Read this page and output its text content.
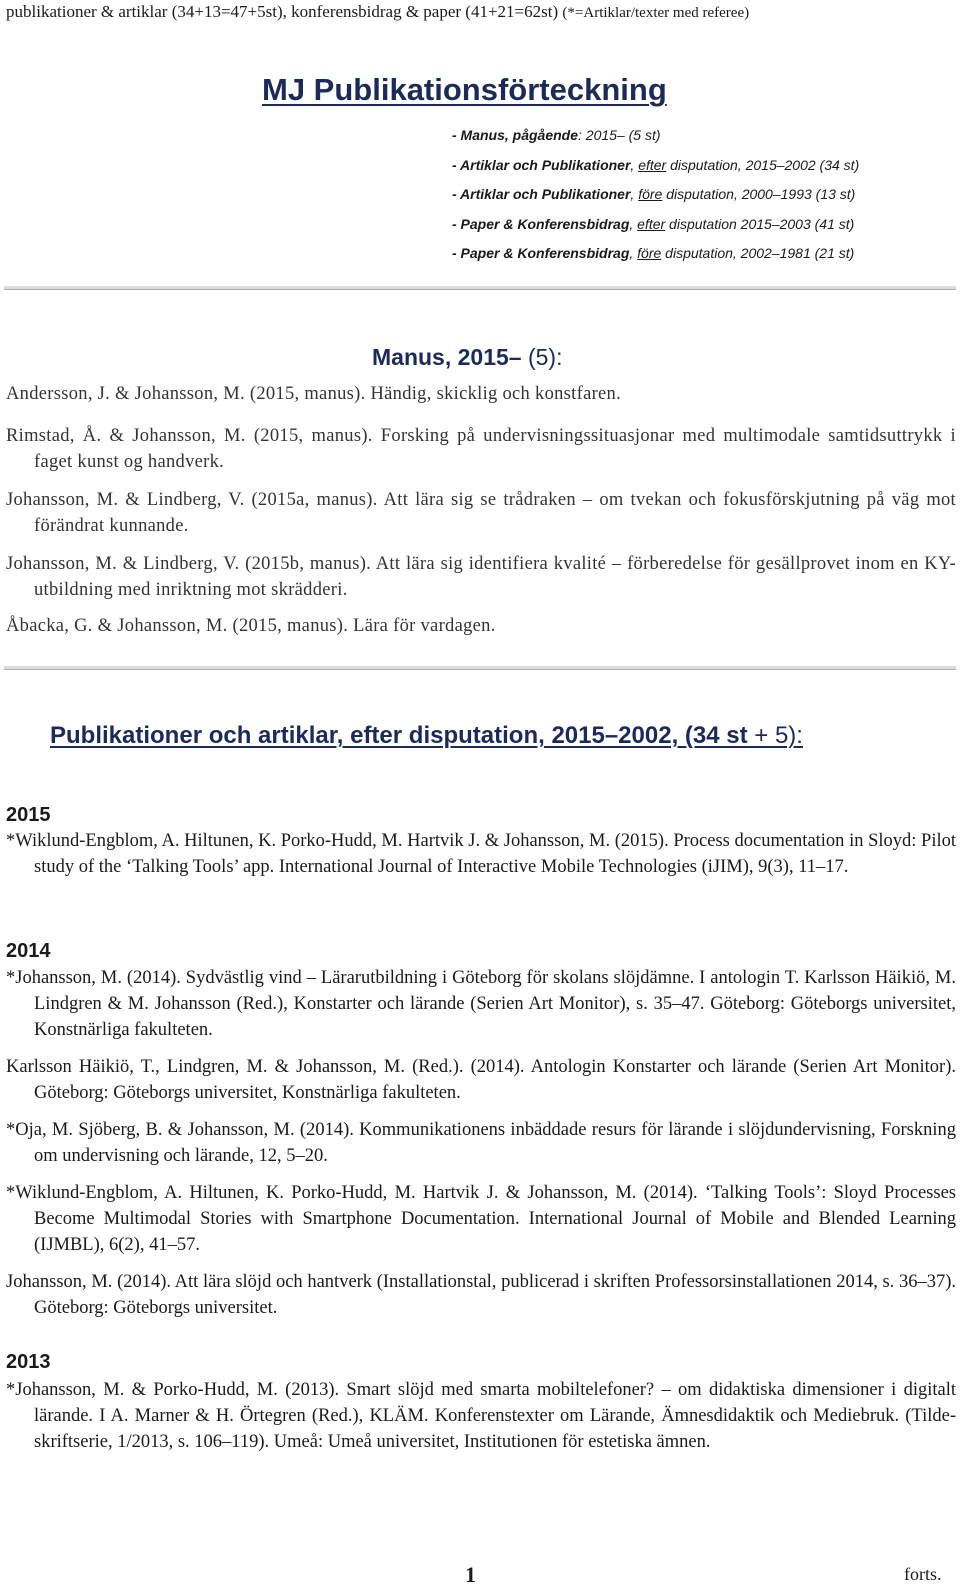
publikationer & artiklar (34+13=47+5st), konferensbidrag & paper (41+21=62st) (*=Artiklar/texter med referee)
MJ Publikationsförteckning
- Manus, pågående: 2015– (5 st)
- Artiklar och Publikationer, efter disputation, 2015–2002 (34 st)
- Artiklar och Publikationer, före disputation, 2000–1993 (13 st)
- Paper & Konferensbidrag, efter disputation 2015–2003 (41 st)
- Paper & Konferensbidrag, före disputation, 2002–1981 (21 st)
Manus, 2015– (5):
Andersson, J. & Johansson, M. (2015, manus). Händig, skicklig och konstfaren.
Rimstad, Å. & Johansson, M. (2015, manus). Forsking på undervisningssituasjonar med multimodale samtidsuttrykk i faget kunst og handverk.
Johansson, M. & Lindberg, V. (2015a, manus). Att lära sig se trådraken – om tvekan och fokusförskjutning på väg mot förändrat kunnande.
Johansson, M. & Lindberg, V. (2015b, manus). Att lära sig identifiera kvalité – förberedelse för gesällprovet inom en KY-utbildning med inriktning mot skrädderi.
Åbacka, G. & Johansson, M. (2015, manus). Lära för vardagen.
Publikationer och artiklar, efter disputation, 2015–2002, (34 st + 5):
2015
*Wiklund-Engblom, A. Hiltunen, K. Porko-Hudd, M. Hartvik J. & Johansson, M. (2015). Process documentation in Sloyd: Pilot study of the ‘Talking Tools’ app. International Journal of Interactive Mobile Technologies (iJIM), 9(3), 11–17.
2014
*Johansson, M. (2014). Sydvästlig vind – Lärarutbildning i Göteborg för skolans slöjdämne. I antologin T. Karlsson Häikiö, M. Lindgren & M. Johansson (Red.), Konstarter och lärande (Serien Art Monitor), s. 35–47. Göteborg: Göteborgs universitet, Konstnärliga fakulteten.
Karlsson Häikiö, T., Lindgren, M. & Johansson, M. (Red.). (2014). Antologin Konstarter och lärande (Serien Art Monitor). Göteborg: Göteborgs universitet, Konstnärliga fakulteten.
*Oja, M. Sjöberg, B. & Johansson, M. (2014). Kommunikationens inbäddade resurs för lärande i slöjdundervisning, Forskning om undervisning och lärande, 12, 5–20.
*Wiklund-Engblom, A. Hiltunen, K. Porko-Hudd, M. Hartvik J. & Johansson, M. (2014). ‘Talking Tools’: Sloyd Processes Become Multimodal Stories with Smartphone Documentation. International Journal of Mobile and Blended Learning (IJMBL), 6(2), 41–57.
Johansson, M. (2014). Att lära slöjd och hantverk (Installationstal, publicerad i skriften Professorsinstallationen 2014, s. 36–37). Göteborg: Göteborgs universitet.
2013
*Johansson, M. & Porko-Hudd, M. (2013). Smart slöjd med smarta mobiltelefoner? – om didaktiska dimensioner i digitalt lärande. I A. Marner & H. Örtegren (Red.), KLÄM. Konferenstexter om Lärande, Ämnesdidaktik och Mediebruk. (Tilde- skriftserie, 1/2013, s. 106–119). Umeå: Umeå universitet, Institutionen för estetiska ämnen.
1	forts.
